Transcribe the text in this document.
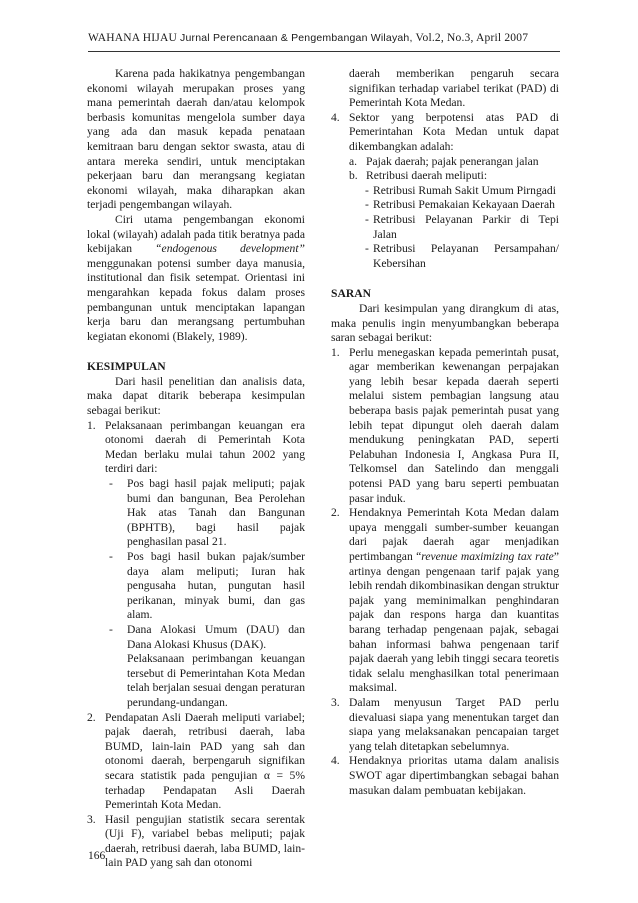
WAHANA HIJAU Jurnal Perencanaan & Pengembangan Wilayah, Vol.2, No.3, April 2007

Karena pada hakikatnya pengembangan ekonomi wilayah merupakan proses yang mana pemerintah daerah dan/atau kelompok berbasis komunitas mengelola sumber daya yang ada dan masuk kepada penataan kemitraan baru dengan sektor swasta, atau di antara mereka sendiri, untuk menciptakan pekerjaan baru dan merangsang kegiatan ekonomi wilayah, maka diharapkan akan terjadi pengembangan wilayah.

Ciri utama pengembangan ekonomi lokal (wilayah) adalah pada titik beratnya pada kebijakan “endogenous development” menggunakan potensi sumber daya manusia, institutional dan fisik setempat. Orientasi ini mengarahkan kepada fokus dalam proses pembangunan untuk menciptakan lapangan kerja baru dan merangsang pertumbuhan kegiatan ekonomi (Blakely, 1989).

KESIMPULAN

Dari hasil penelitian dan analisis data, maka dapat ditarik beberapa kesimpulan sebagai berikut:

1. Pelaksanaan perimbangan keuangan era otonomi daerah di Pemerintah Kota Medan berlaku mulai tahun 2002 yang terdiri dari:
- Pos bagi hasil pajak meliputi; pajak bumi dan bangunan, Bea Perolehan Hak atas Tanah dan Bangunan (BPHTB), bagi hasil pajak penghasilan pasal 21.
- Pos bagi hasil bukan pajak/sumber daya alam meliputi; Iuran hak pengusaha hutan, pungutan hasil perikanan, minyak bumi, dan gas alam.
- Dana Alokasi Umum (DAU) dan Dana Alokasi Khusus (DAK).
Pelaksanaan perimbangan keuangan tersebut di Pemerintahan Kota Medan telah berjalan sesuai dengan peraturan perundang-undangan.
2. Pendapatan Asli Daerah meliputi variabel; pajak daerah, retribusi daerah, laba BUMD, lain-lain PAD yang sah dan otonomi daerah, berpengaruh signifikan secara statistik pada pengujian α = 5% terhadap Pendapatan Asli Daerah Pemerintah Kota Medan.
3. Hasil pengujian statistik secara serentak (Uji F), variabel bebas meliputi; pajak daerah, retribusi daerah, laba BUMD, lain-lain PAD yang sah dan otonomi
daerah memberikan pengaruh secara signifikan terhadap variabel terikat (PAD) di Pemerintah Kota Medan.
4. Sektor yang berpotensi atas PAD di Pemerintahan Kota Medan untuk dapat dikembangkan adalah:
a. Pajak daerah; pajak penerangan jalan
b. Retribusi daerah meliputi:
- Retribusi Rumah Sakit Umum Pirngadi
- Retribusi Pemakaian Kekayaan Daerah
- Retribusi Pelayanan Parkir di Tepi Jalan
- Retribusi Pelayanan Persampahan/ Kebersihan

SARAN

Dari kesimpulan yang dirangkum di atas, maka penulis ingin menyumbangkan beberapa saran sebagai berikut:

1. Perlu menegaskan kepada pemerintah pusat, agar memberikan kewenangan perpajakan yang lebih besar kepada daerah seperti melalui sistem pembagian langsung atau beberapa basis pajak pemerintah pusat yang lebih tepat dipungut oleh daerah dalam mendukung peningkatan PAD, seperti Pelabuhan Indonesia I, Angkasa Pura II, Telkomsel dan Satelindo dan menggali potensi PAD yang baru seperti pembuatan pasar induk.
2. Hendaknya Pemerintah Kota Medan dalam upaya menggali sumber-sumber keuangan dari pajak daerah agar menjadikan pertimbangan “revenue maximizing tax rate” artinya dengan pengenaan tarif pajak yang lebih rendah dikombinasikan dengan struktur pajak yang meminimalkan penghindaran pajak dan respons harga dan kuantitas barang terhadap pengenaan pajak, sebagai bahan informasi bahwa pengenaan tarif pajak daerah yang lebih tinggi secara teoretis tidak selalu menghasilkan total penerimaan maksimal.
3. Dalam menyusun Target PAD perlu dievaluasi siapa yang menentukan target dan siapa yang melaksanakan pencapaian target yang telah ditetapkan sebelumnya.
4. Hendaknya prioritas utama dalam analisis SWOT agar dipertimbangkan sebagai bahan masukan dalam pembuatan kebijakan.
166
